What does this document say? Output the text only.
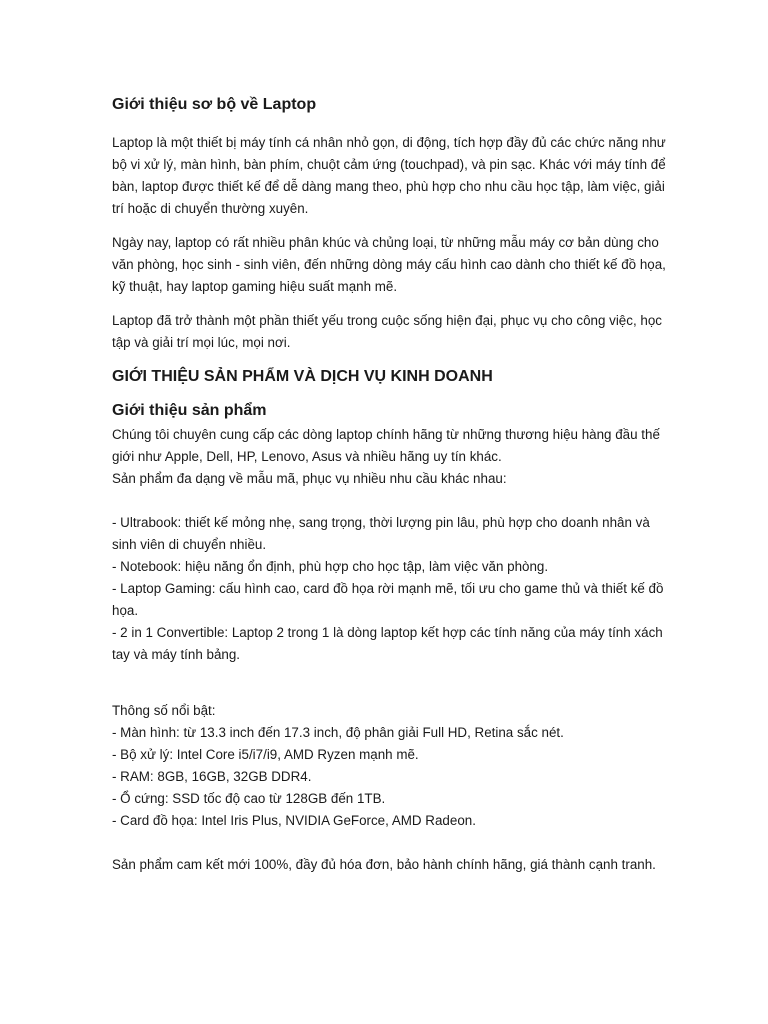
Giới thiệu sơ bộ về Laptop

Laptop là một thiết bị máy tính cá nhân nhỏ gọn, di động, tích hợp đầy đủ các chức năng như bộ vi xử lý, màn hình, bàn phím, chuột cảm ứng (touchpad), và pin sạc. Khác với máy tính để bàn, laptop được thiết kế để dễ dàng mang theo, phù hợp cho nhu cầu học tập, làm việc, giải trí hoặc di chuyển thường xuyên.

Ngày nay, laptop có rất nhiều phân khúc và chủng loại, từ những mẫu máy cơ bản dùng cho văn phòng, học sinh - sinh viên, đến những dòng máy cấu hình cao dành cho thiết kế đồ họa, kỹ thuật, hay laptop gaming hiệu suất mạnh mẽ.

Laptop đã trở thành một phần thiết yếu trong cuộc sống hiện đại, phục vụ cho công việc, học tập và giải trí mọi lúc, mọi nơi.

GIỚI THIỆU SẢN PHẨM VÀ DỊCH VỤ KINH DOANH
Giới thiệu sản phẩm

Chúng tôi chuyên cung cấp các dòng laptop chính hãng từ những thương hiệu hàng đầu thế giới như Apple, Dell, HP, Lenovo, Asus và nhiều hãng uy tín khác.

Sản phẩm đa dạng về mẫu mã, phục vụ nhiều nhu cầu khác nhau:

- Ultrabook: thiết kế mỏng nhẹ, sang trọng, thời lượng pin lâu, phù hợp cho doanh nhân và sinh viên di chuyển nhiều.

- Notebook: hiệu năng ổn định, phù hợp cho học tập, làm việc văn phòng.

- Laptop Gaming: cấu hình cao, card đồ họa rời mạnh mẽ, tối ưu cho game thủ và thiết kế đồ họa.

- 2 in 1 Convertible: Laptop 2 trong 1 là dòng laptop kết hợp các tính năng của máy tính xách tay và máy tính bảng.

Thông số nổi bật:

- Màn hình: từ 13.3 inch đến 17.3 inch, độ phân giải Full HD, Retina sắc nét.

- Bộ xử lý: Intel Core i5/i7/i9, AMD Ryzen mạnh mẽ.

- RAM: 8GB, 16GB, 32GB DDR4.

- Ổ cứng: SSD tốc độ cao từ 128GB đến 1TB.

- Card đồ họa: Intel Iris Plus, NVIDIA GeForce, AMD Radeon.

Sản phẩm cam kết mới 100%, đầy đủ hóa đơn, bảo hành chính hãng, giá thành cạnh tranh.
